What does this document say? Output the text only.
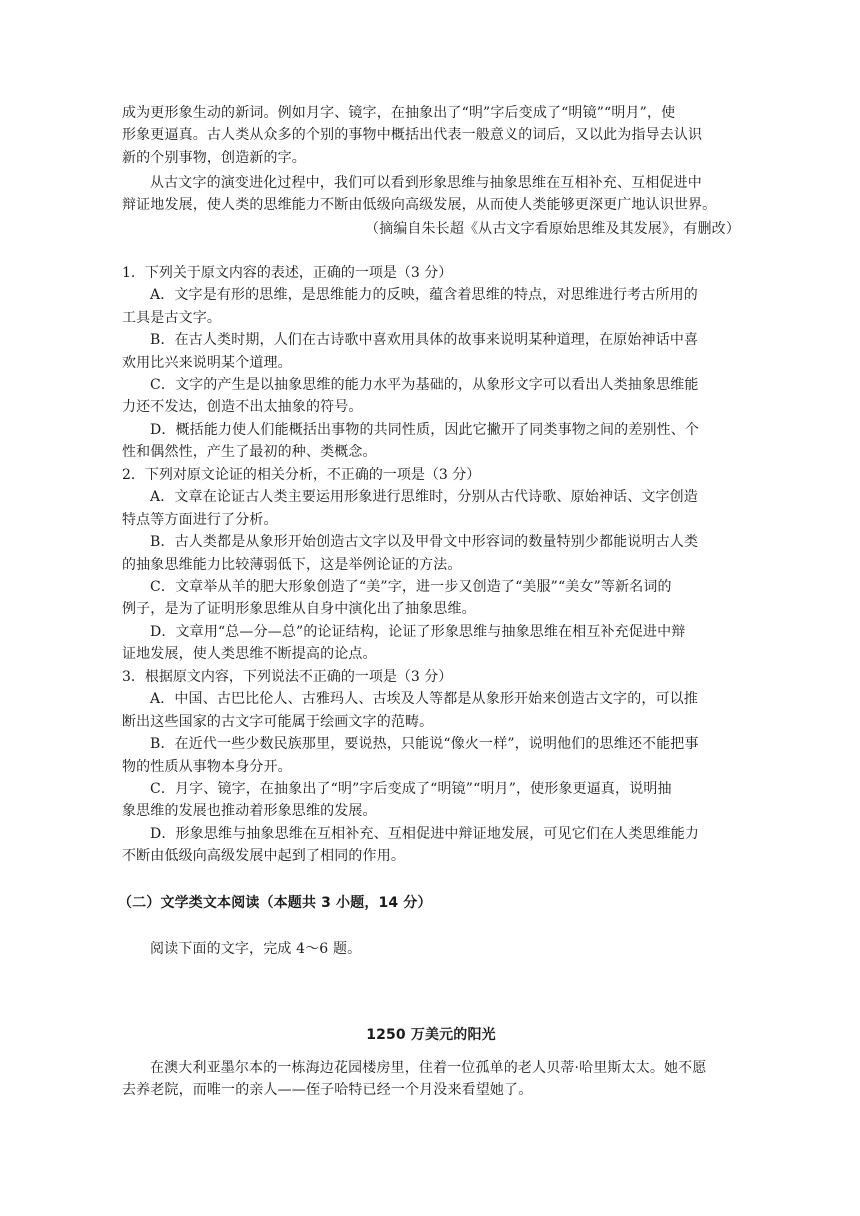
成为更形象生动的新词。例如月字、镜字，在抽象出了“明”字后变成了“明镜”“明月”，使
形象更逼真。古人类从众多的个别的事物中概括出代表一般意义的词后，又以此为指导去认识
新的个别事物，创造新的字。
从古文字的演变进化过程中，我们可以看到形象思维与抽象思维在互相补充、互相促进中
辩证地发展，使人类的思维能力不断由低级向高级发展，从而使人类能够更深更广地认识世界。
（摘编自朱长超《从古文字看原始思维及其发展》，有删改）
1．下列关于原文内容的表述，正确的一项是（3 分）
A．文字是有形的思维，是思维能力的反映，蕴含着思维的特点，对思维进行考古所用的
工具是古文字。
B．在古人类时期，人们在古诗歌中喜欢用具体的故事来说明某种道理，在原始神话中喜
欢用比兴来说明某个道理。
C．文字的产生是以抽象思维的能力水平为基础的，从象形文字可以看出人类抽象思维能
力还不发达，创造不出太抽象的符号。
D．概括能力使人们能概括出事物的共同性质，因此它撇开了同类事物之间的差别性、个
性和偶然性，产生了最初的种、类概念。
2．下列对原文论证的相关分析，不正确的一项是（3 分）
A．文章在论证古人类主要运用形象进行思维时，分别从古代诗歌、原始神话、文字创造
特点等方面进行了分析。
B．古人类都是从象形开始创造古文字以及甲骨文中形容词的数量特别少都能说明古人类
的抽象思维能力比较薄弱低下，这是举例论证的方法。
C．文章举从羊的肥大形象创造了“美”字，进一步又创造了“美服”“美女”等新名词的
例子，是为了证明形象思维从自身中演化出了抽象思维。
D．文章用“总—分—总”的论证结构，论证了形象思维与抽象思维在相互补充促进中辩
证地发展，使人类思维不断提高的论点。
3．根据原文内容，下列说法不正确的一项是（3 分）
A．中国、古巴比伦人、古雅玛人、古埃及人等都是从象形开始来创造古文字的，可以推
断出这些国家的古文字可能属于绘画文字的范畴。
B．在近代一些少数民族那里，要说热，只能说“像火一样”，说明他们的思维还不能把事
物的性质从事物本身分开。
C．月字、镜字，在抽象出了“明”字后变成了“明镜”“明月”，使形象更逼真，说明抽
象思维的发展也推动着形象思维的发展。
D．形象思维与抽象思维在互相补充、互相促进中辩证地发展，可见它们在人类思维能力
不断由低级向高级发展中起到了相同的作用。
（二）文学类文本阅读（本题共 3 小题，14 分）
阅读下面的文字，完成 4〜6 题。
1250 万美元的阳光
在澳大利亚墨尔本的一栋海边花园楼房里，住着一位孤单的老人贝蒂·哈里斯太太。她不愿
去养老院，而唯一的亲人——侄子哈特已经一个月没来看望她了。
